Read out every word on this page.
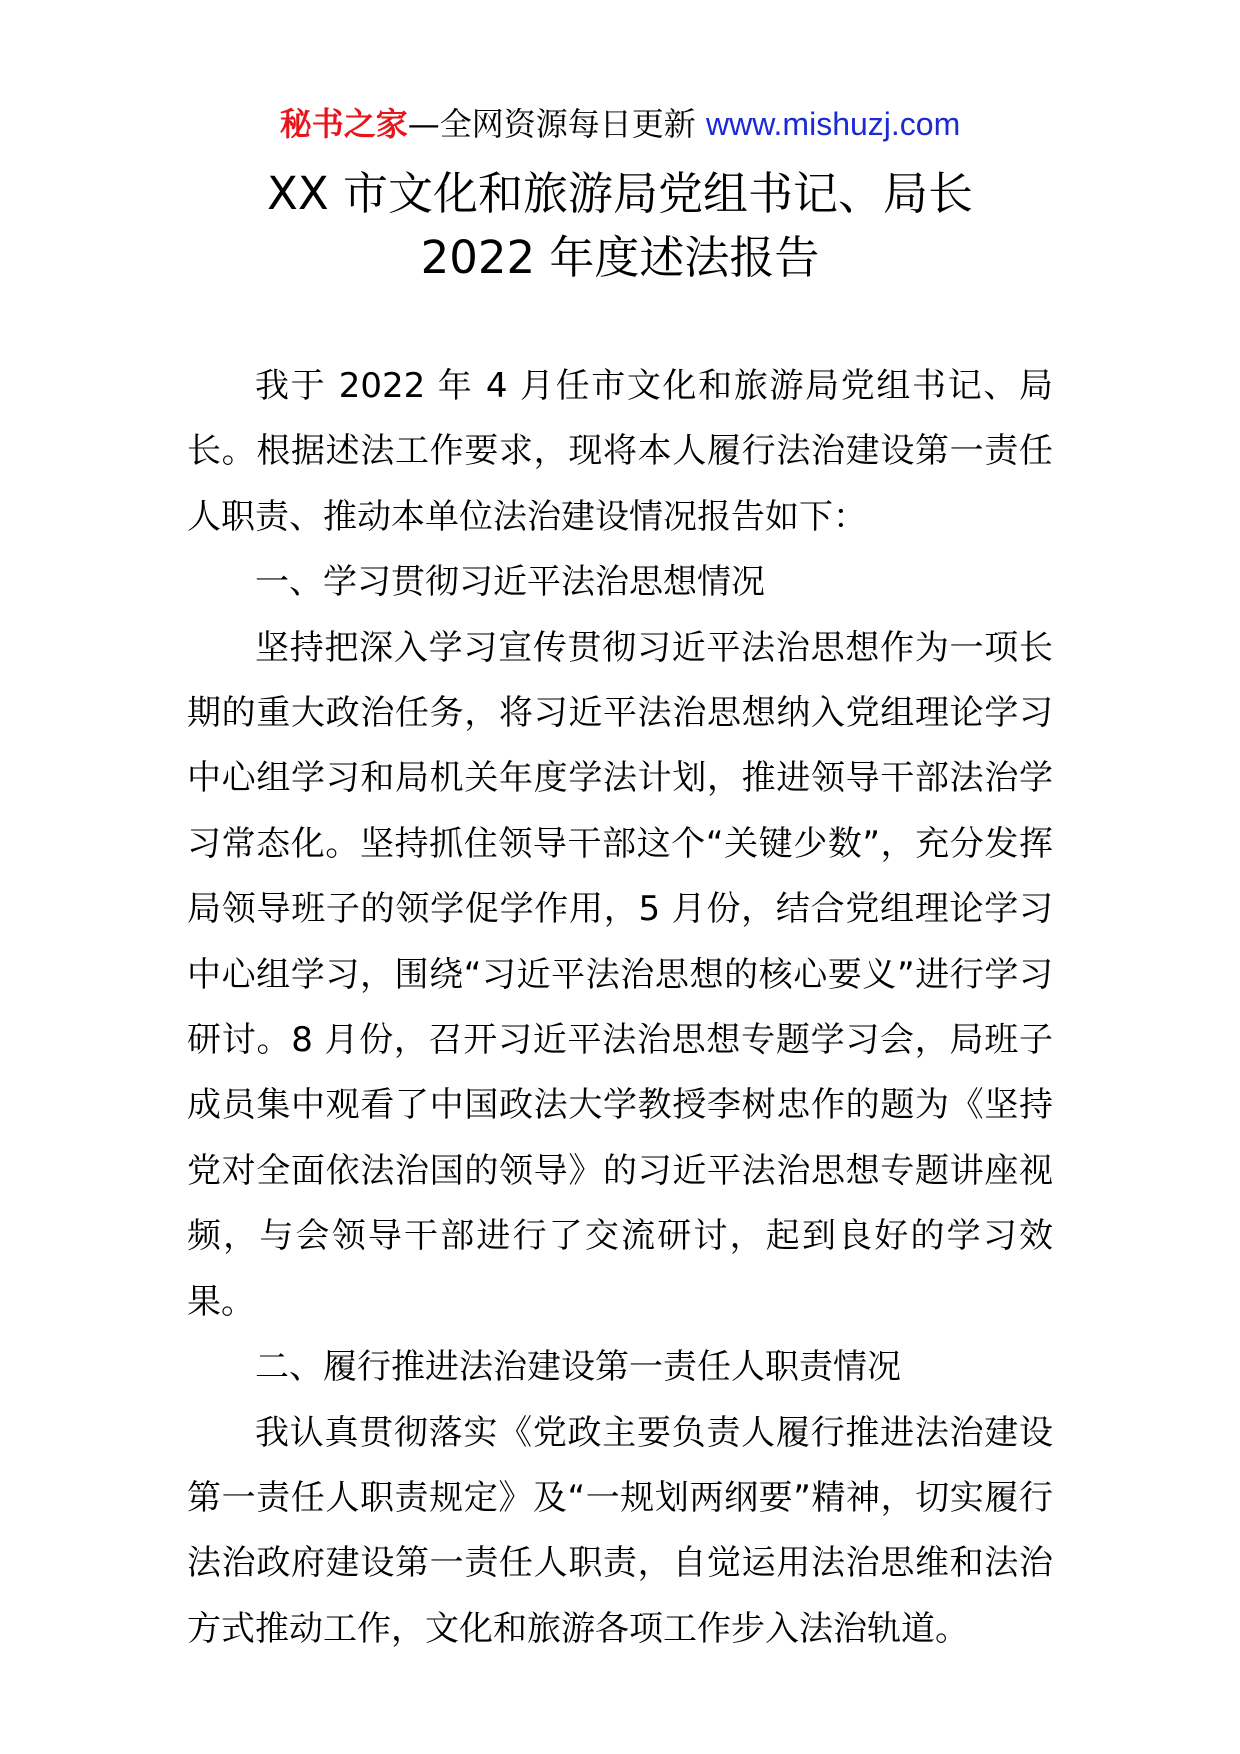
秘书之家—全网资源每日更新 www.mishuzj.com
XX 市文化和旅游局党组书记、局长
2022 年度述法报告

我于 2022 年 4 月任市文化和旅游局党组书记、局长。根据述法工作要求，现将本人履行法治建设第一责任人职责、推动本单位法治建设情况报告如下：

一、学习贯彻习近平法治思想情况

坚持把深入学习宣传贯彻习近平法治思想作为一项长期的重大政治任务，将习近平法治思想纳入党组理论学习中心组学习和局机关年度学法计划，推进领导干部法治学习常态化。坚持抓住领导干部这个“关键少数”，充分发挥局领导班子的领学促学作用，5 月份，结合党组理论学习中心组学习，围绕“习近平法治思想的核心要义”进行学习研讨。8 月份，召开习近平法治思想专题学习会，局班子成员集中观看了中国政法大学教授李树忠作的题为《坚持党对全面依法治国的领导》的习近平法治思想专题讲座视频，与会领导干部进行了交流研讨，起到良好的学习效果。

二、履行推进法治建设第一责任人职责情况

我认真贯彻落实《党政主要负责人履行推进法治建设第一责任人职责规定》及“一规划两纲要”精神，切实履行法治政府建设第一责任人职责，自觉运用法治思维和法治方式推动工作，文化和旅游各项工作步入法治轨道。
